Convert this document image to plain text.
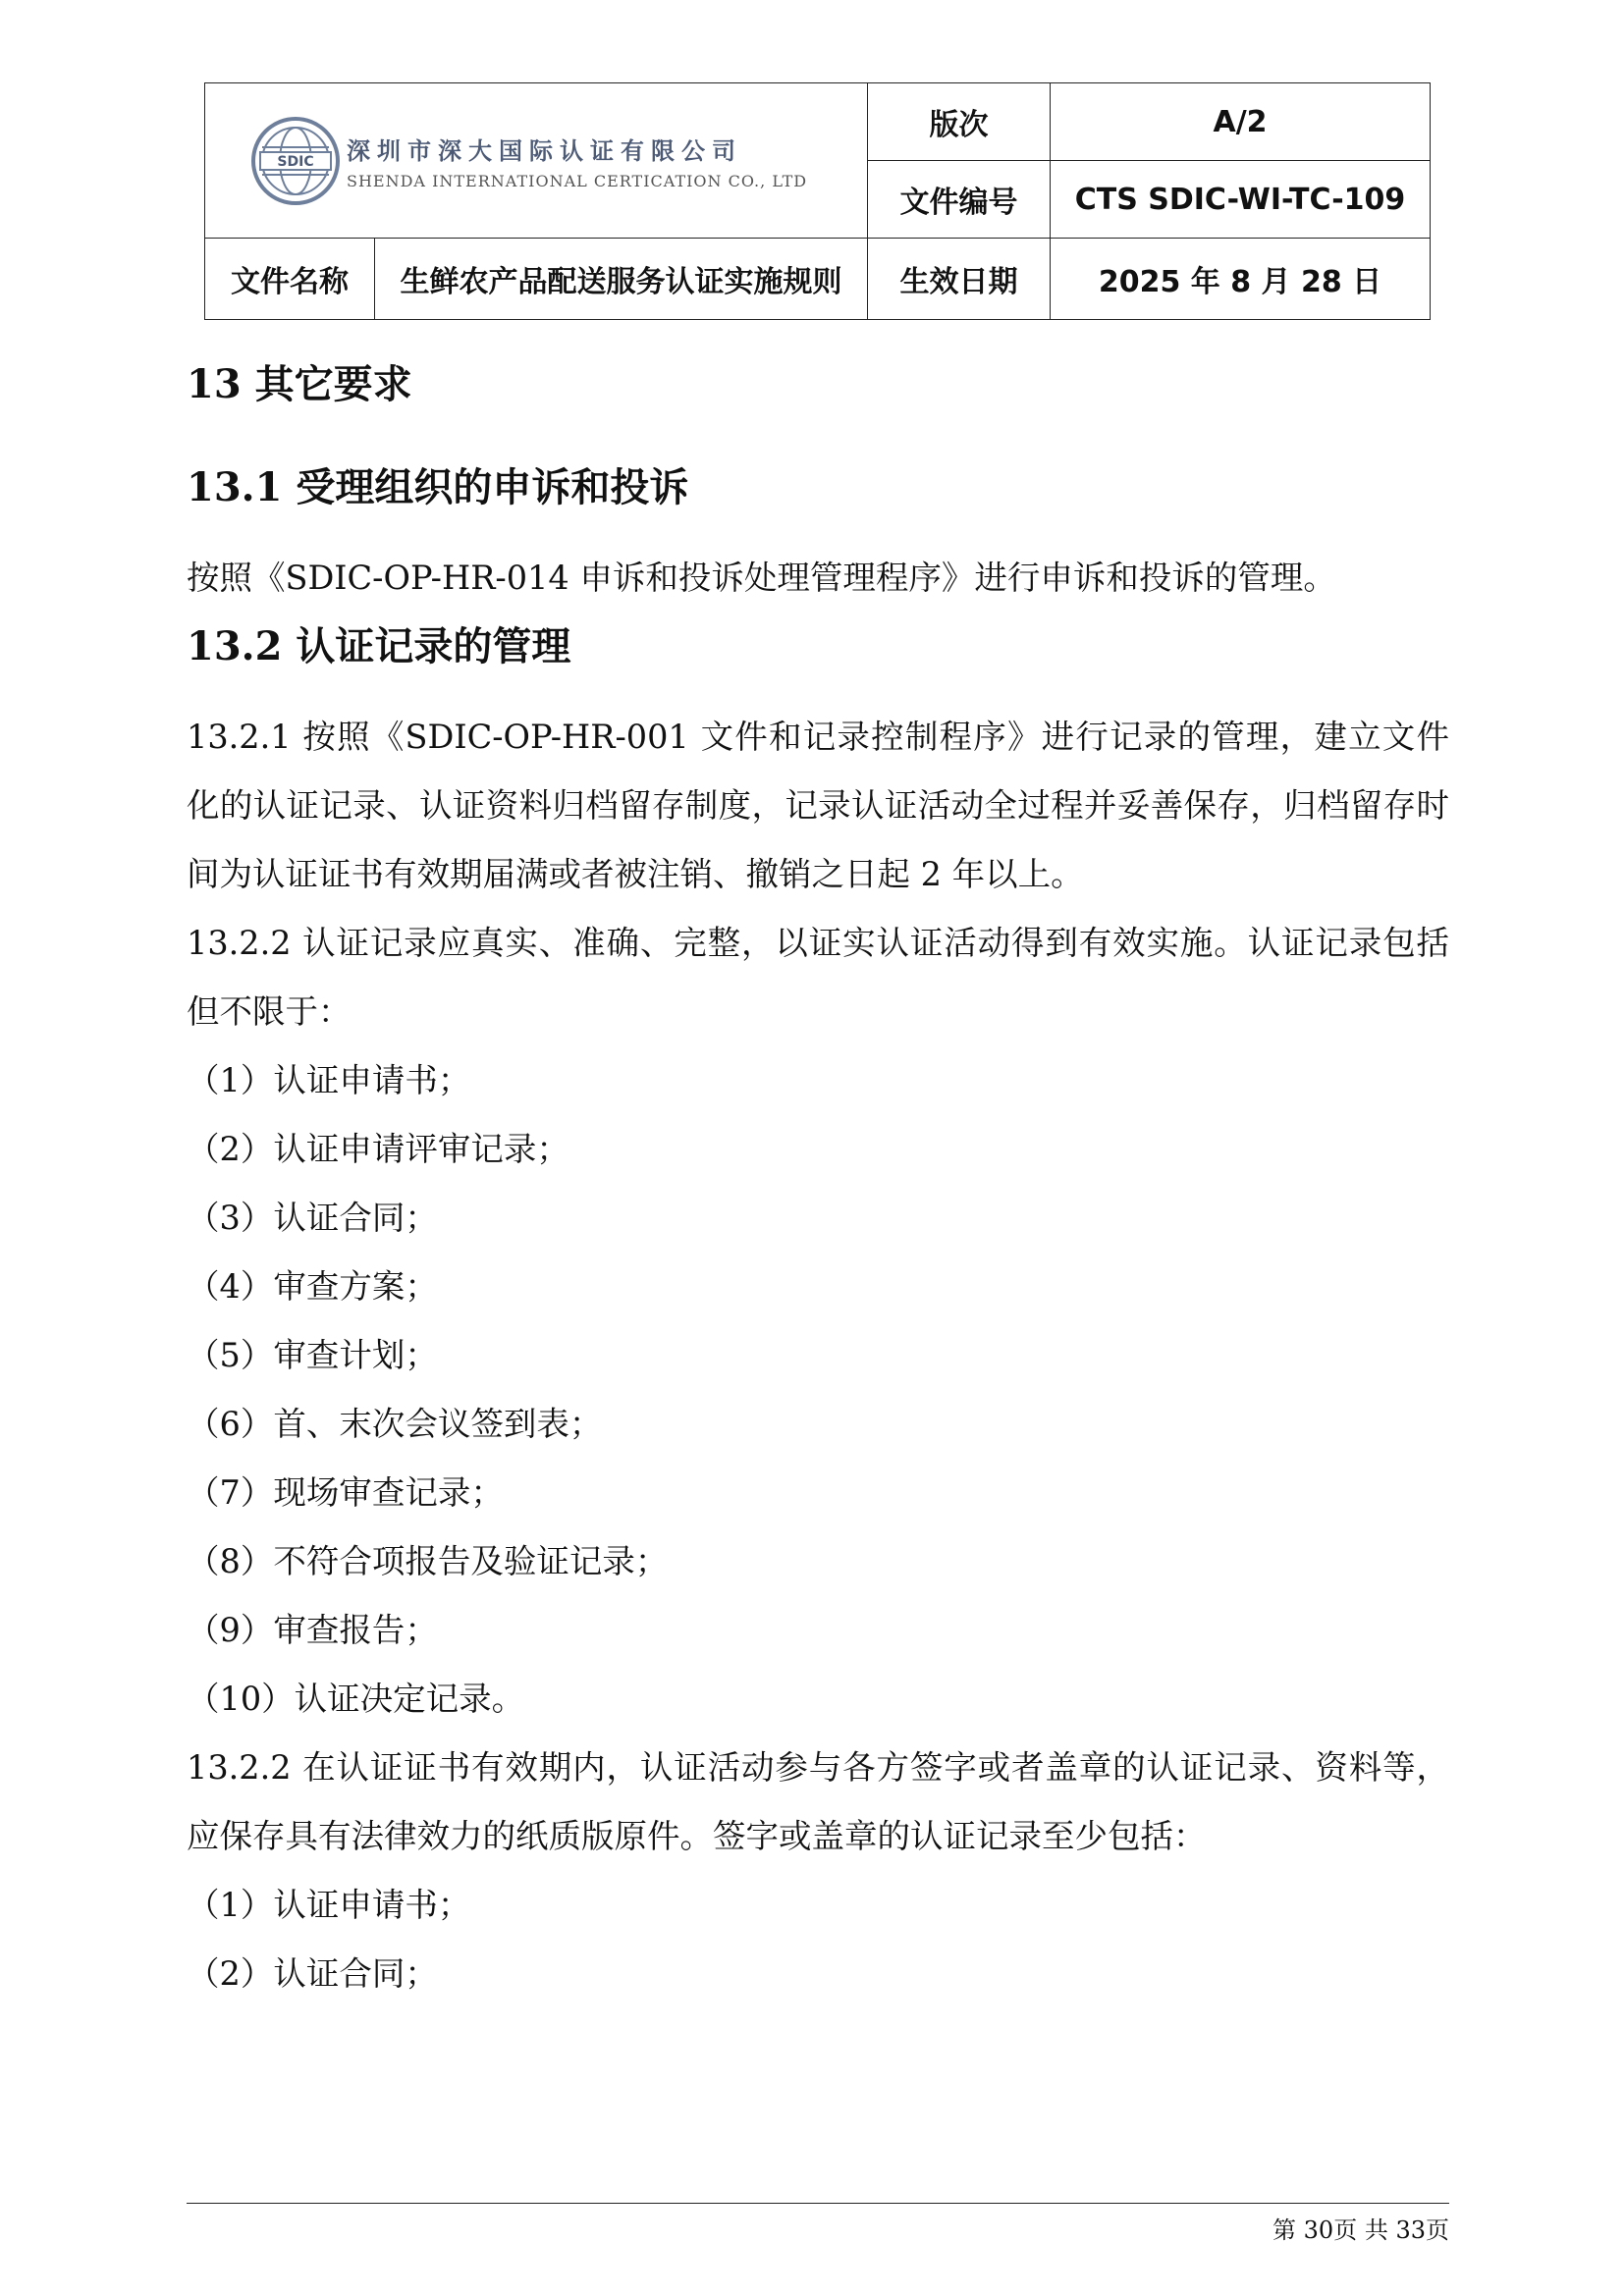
SDIC 深圳市深大国际认证有限公司
SHENDA INTERNATIONAL CERTICATION CO., LTD		版次	A/2
		文件编号	CTS SDIC-WI-TC-109
文件名称	生鲜农产品配送服务认证实施规则	生效日期	2025 年 8 月 28 日
13 其它要求
13.1 受理组织的申诉和投诉

按照《SDIC-OP-HR-014 申诉和投诉处理管理程序》进行申诉和投诉的管理。

13.2 认证记录的管理

13.2.1 按照《SDIC-OP-HR-001 文件和记录控制程序》进行记录的管理，建立文件化的认证记录、认证资料归档留存制度，记录认证活动全过程并妥善保存，归档留存时间为认证证书有效期届满或者被注销、撤销之日起 2 年以上。

13.2.2 认证记录应真实、准确、完整，以证实认证活动得到有效实施。认证记录包括但不限于：

（1）认证申请书；

（2）认证申请评审记录；

（3）认证合同；

（4）审查方案；

（5）审查计划；

（6）首、末次会议签到表；

（7）现场审查记录；

（8）不符合项报告及验证记录；

（9）审查报告；

（10）认证决定记录。

13.2.2 在认证证书有效期内，认证活动参与各方签字或者盖章的认证记录、资料等，应保存具有法律效力的纸质版原件。签字或盖章的认证记录至少包括：

（1）认证申请书；

（2）认证合同；

第 30页 共 33页
